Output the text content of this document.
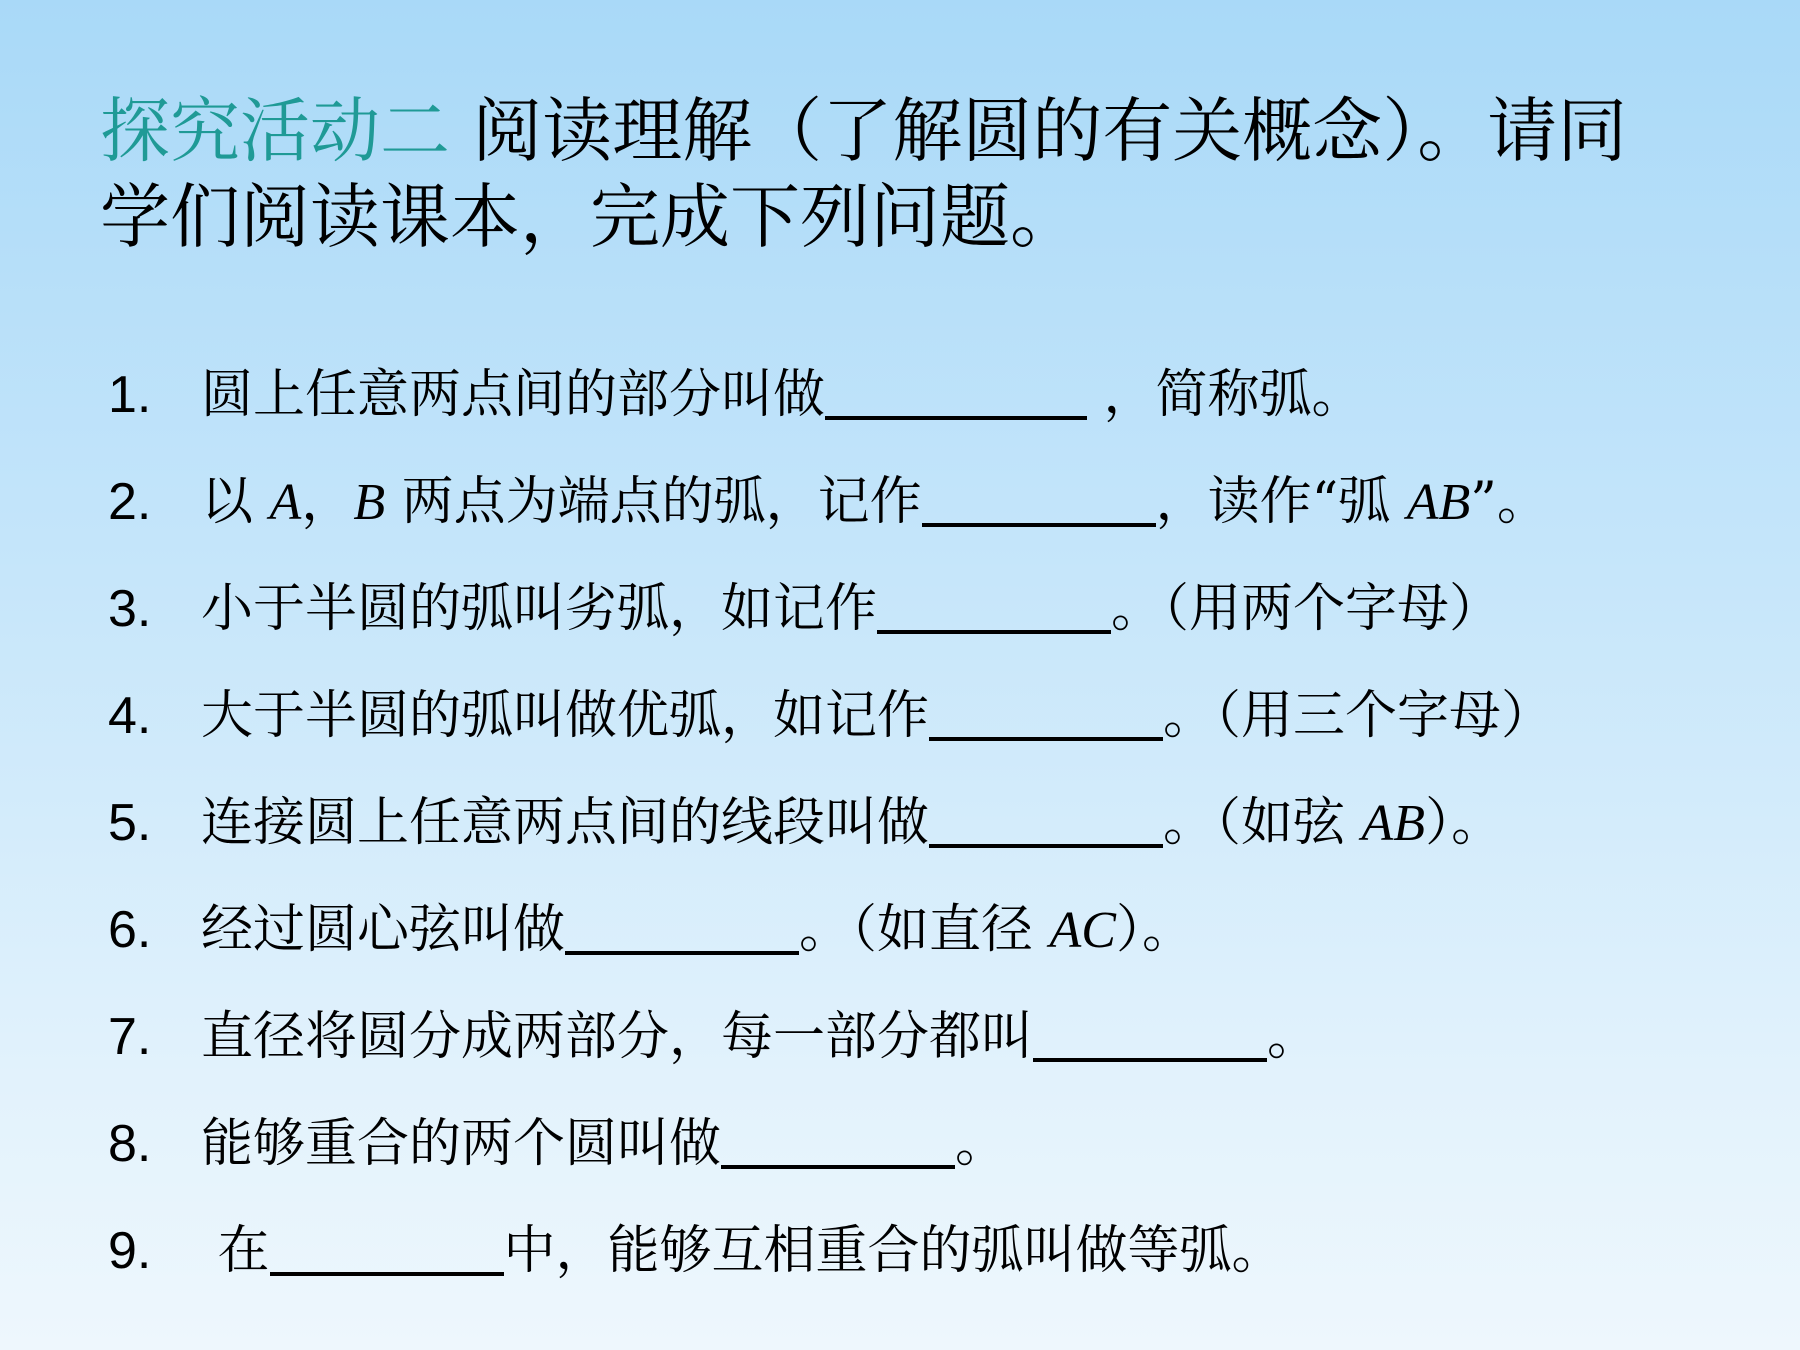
探究活动二 阅读理解（了解圆的有关概念）。请同学们阅读课本，完成下列问题。
1. 圆上任意两点间的部分叫做	，简称弧。
2. 以 A，B 两点为端点的弧，记作	，读作“弧 AB”。
3. 小于半圆的弧叫劣弧，如记作	。（用两个字母）
4. 大于半圆的弧叫做优弧，如记作	。（用三个字母）
5. 连接圆上任意两点间的线段叫做	。（如弦 AB）。
6. 经过圆心弦叫做	。（如直径 AC）。
7. 直径将圆分成两部分，每一部分都叫	。
8. 能够重合的两个圆叫做	。
9. 在	中，能够互相重合的弧叫做等弧。
